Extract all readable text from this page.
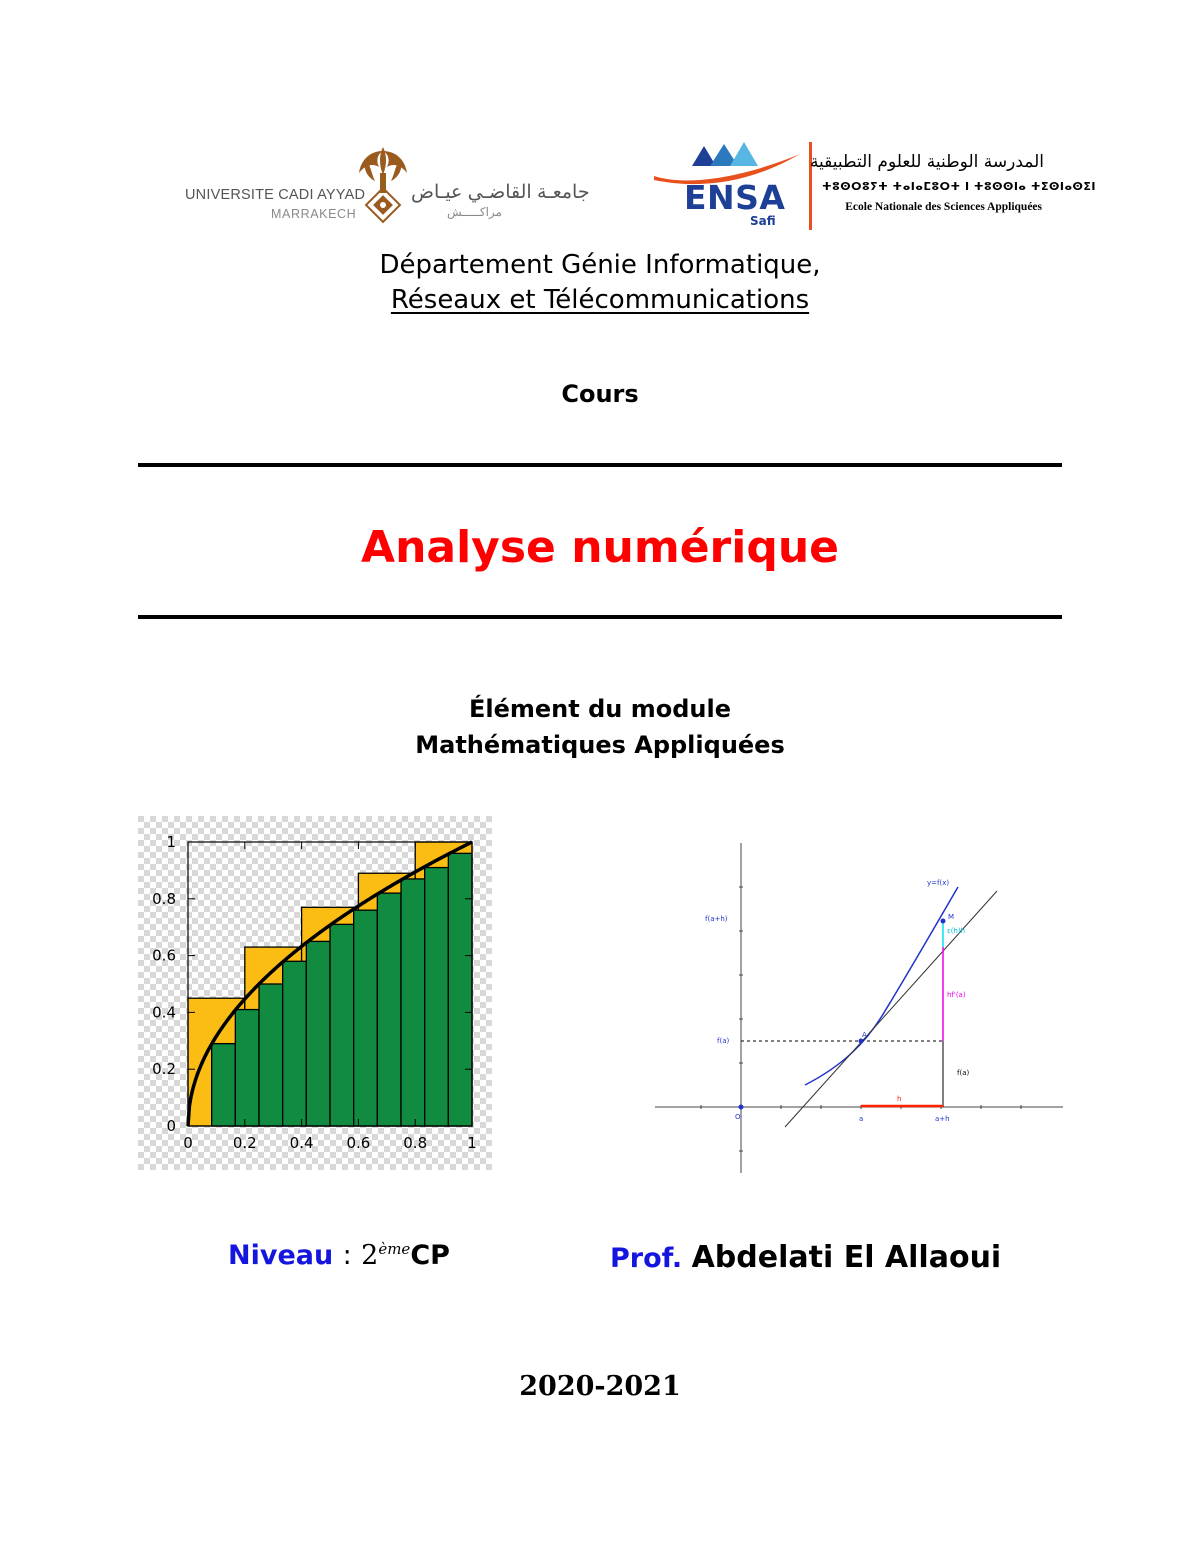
UNIVERSITE CADI AYYAD
MARRAKECH
جامعـة القاضـي عيـاض
مراكـــــش	ENSA
Safi
المدرسة الوطنية للعلوم التطبيقية
ⵜⵓⵙⵔⵓⵢⵜ ⵜⴰⵏⴰⵎⵓⵔⵜ ⵏ ⵜⵓⵙⵙⵏⴰ ⵜⵉⵙⵏⴰⵙⵉⵏ
Ecole Nationale des Sciences Appliquées
Département Génie Informatique,
Réseaux et Télécommunications
Cours
Analyse numérique
Élément du module
Mathématiques Appliquées
0	0.2 0.4 0.6 0.8	1
0
0.2
0.4
0.6
0.8
1
y=f(x)
f(a+h)
f(a)
hf'(a)
ε(h)h
f(a)
h
a	a+h
O
A
M
Niveau : 2èmeCP	Prof. Abdelati El Allaoui
2020-2021
